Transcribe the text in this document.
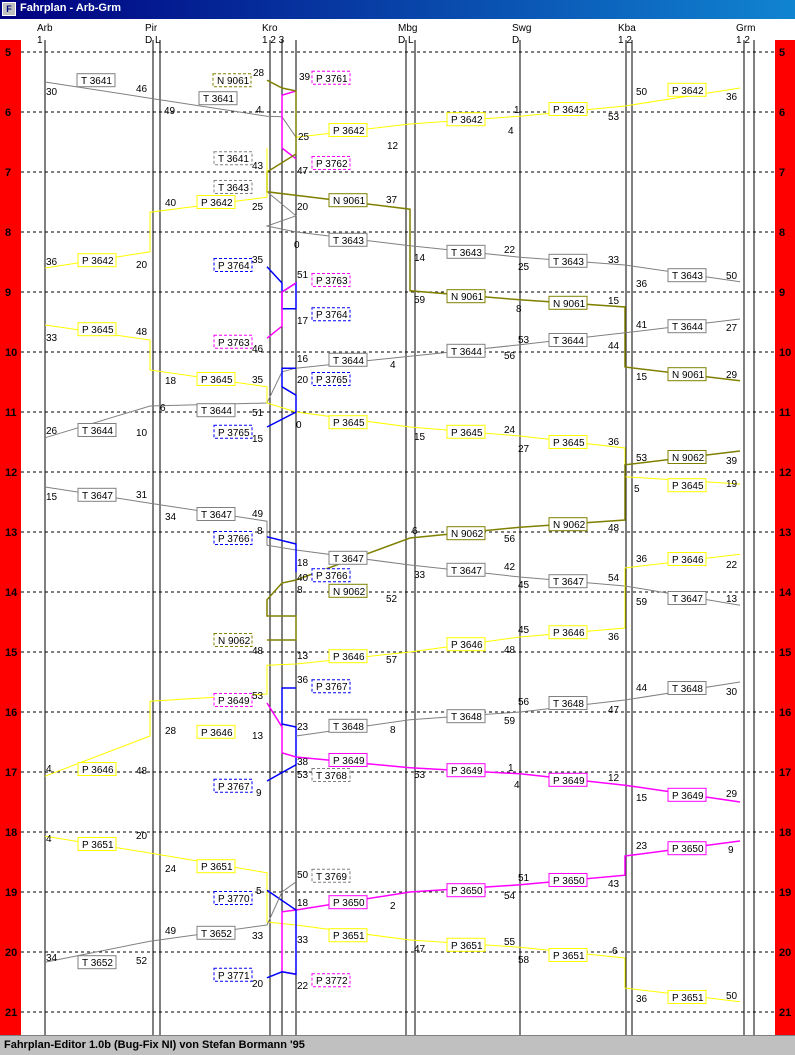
F Fahrplan - Arb-Grm
Arb
1
Pir
D L
Kro
1 2 3
Mbg
D L
Swg
D
Kba
1 2
Grm
1 2
5	5
6	6
7	7
8	8
9	9
10	10
11	11
12	12
13	13
14	14
15	15
16	16
17	17
18	18
19	19
20	20
21	21
T 3641
T 3641
T 3641
N 9061	P 3761
P 3642
P 3642
P 3642
P 3642
P 3762
T 3643
P 3642	N 9061
T 3643
T 3643
T 3643
T 3643
P 3642	P 3764
P 3763
N 9061
N 9061
P 3764
T 3644
P 3645
T 3644
P 3763
T 3644
T 3644
N 9061
P 3645	P 3765
T 3644
P 3645
T 3644	P 3765	P 3645
P 3645
N 9062
P 3645
T 3647
T 3647
N 9062
N 9062
P 3766
P 3646
T 3647
T 3647
P 3766
T 3647
N 9062
T 3647
P 3646
N 9062	P 3646
P 3646
P 3767	T 3648
P 3649	T 3648
T 3648
T 3648
P 3646
P 3649
P 3646	P 3649
T 3768	P 3649
P 3767
P 3649
P 3650
P 3651
P 3651
T 3769	P 3650
P 3650
P 3770	P 3650
T 3652	P 3651
P 3651
P 3651
T 3652
P 3771	P 3772
P 3651
30	46
49	4
28	39
25
12
1
4
53
50	36
43	47
40	25	20
37
0
14
22
25
33
36
50
36	20	35
51
59
8
15
17	41	27
33
48
53
44
46
56
16
4
15	29
18	35	20
6	51
0
26	10
15	15
24
27
36
53	39
5	19
15	31
34	49
8	6
56
48
18
40	33
42
45
54
36
22
8
52	59	13
45
36
48
48	13	57
36
53
44	30
56
47
59
23	8
28	13
38
4	48	53	53
1
4
12
9	15	29
4	20
23	9
24
50	51
43
5	54
18	2
49	33	33
47
55
58
6
34	52
20	22
36	50
Fahrplan-Editor 1.0b (Bug-Fix NI) von Stefan Bormann '95
